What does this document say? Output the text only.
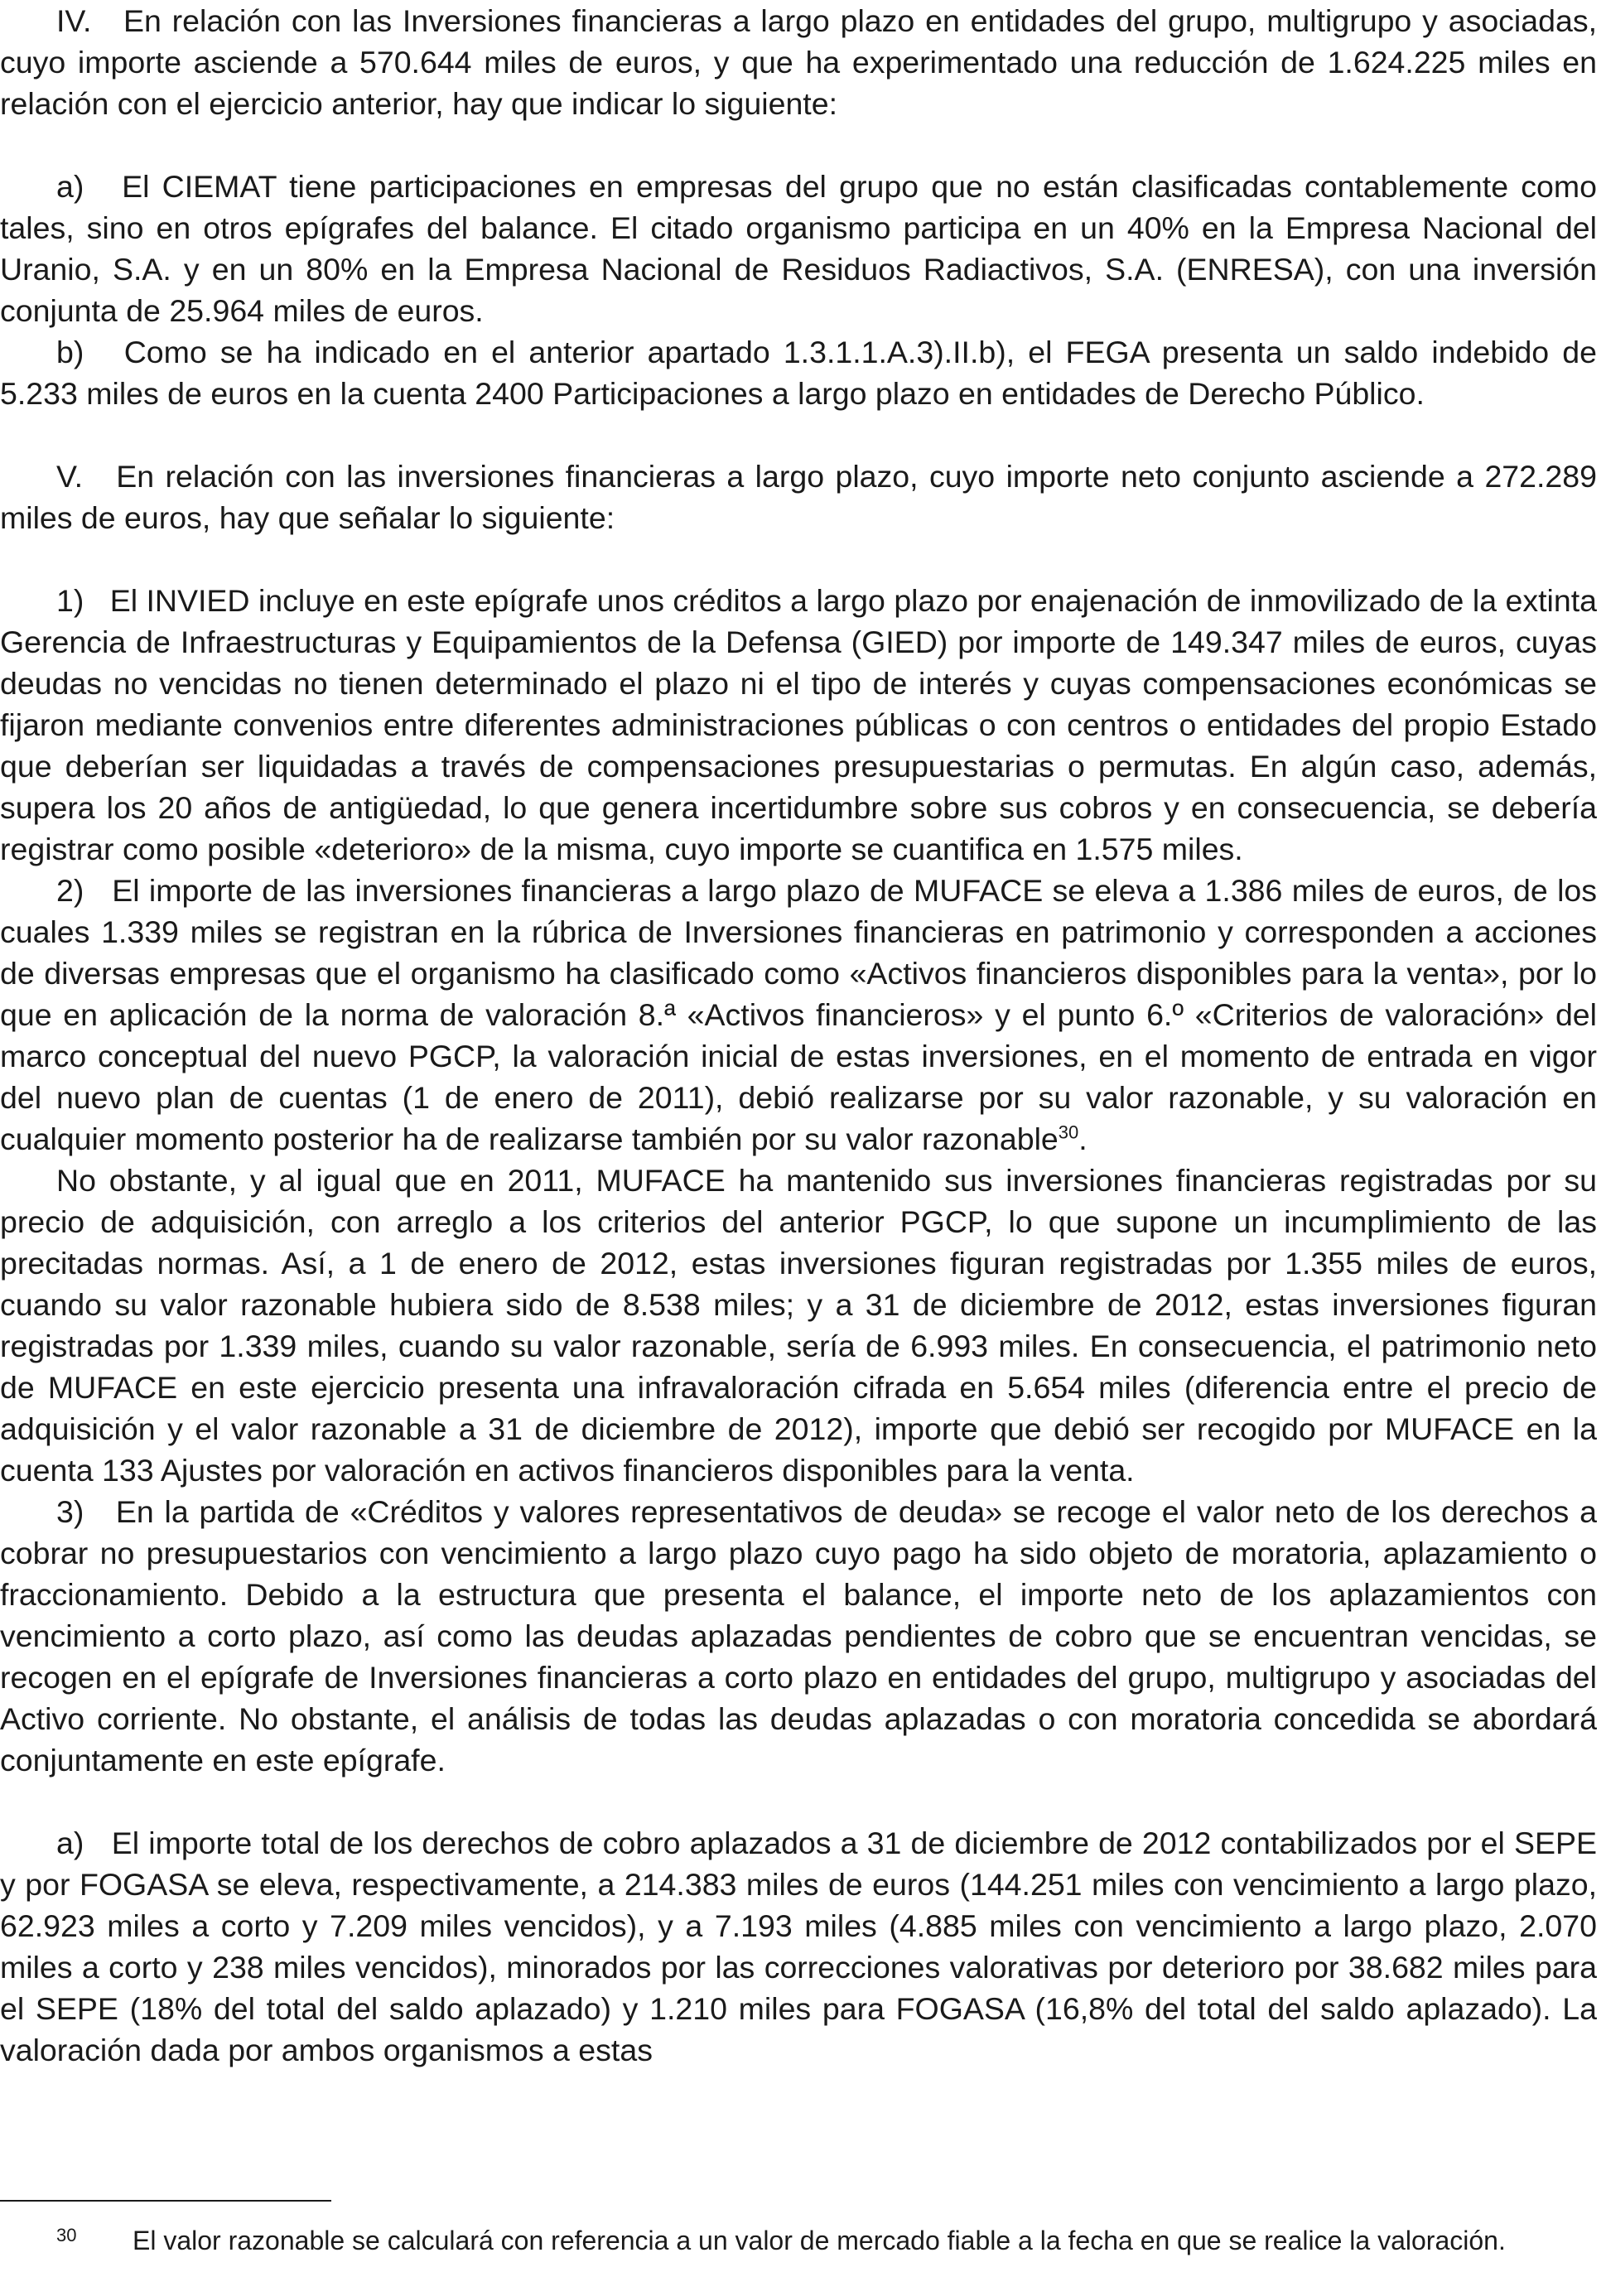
IV. En relación con las Inversiones financieras a largo plazo en entidades del grupo, multigrupo y asociadas, cuyo importe asciende a 570.644 miles de euros, y que ha experimentado una reducción de 1.624.225 miles en relación con el ejercicio anterior, hay que indicar lo siguiente:

a) El CIEMAT tiene participaciones en empresas del grupo que no están clasificadas contablemente como tales, sino en otros epígrafes del balance. El citado organismo participa en un 40% en la Empresa Nacional del Uranio, S.A. y en un 80% en la Empresa Nacional de Residuos Radiactivos, S.A. (ENRESA), con una inversión conjunta de 25.964 miles de euros.

b) Como se ha indicado en el anterior apartado 1.3.1.1.A.3).II.b), el FEGA presenta un saldo indebido de 5.233 miles de euros en la cuenta 2400 Participaciones a largo plazo en entidades de Derecho Público.

V. En relación con las inversiones financieras a largo plazo, cuyo importe neto conjunto asciende a 272.289 miles de euros, hay que señalar lo siguiente:

1) El INVIED incluye en este epígrafe unos créditos a largo plazo por enajenación de inmovilizado de la extinta Gerencia de Infraestructuras y Equipamientos de la Defensa (GIED) por importe de 149.347 miles de euros, cuyas deudas no vencidas no tienen determinado el plazo ni el tipo de interés y cuyas compensaciones económicas se fijaron mediante convenios entre diferentes administraciones públicas o con centros o entidades del propio Estado que deberían ser liquidadas a través de compensaciones presupuestarias o permutas. En algún caso, además, supera los 20 años de antigüedad, lo que genera incertidumbre sobre sus cobros y en consecuencia, se debería registrar como posible «deterioro» de la misma, cuyo importe se cuantifica en 1.575 miles.

2) El importe de las inversiones financieras a largo plazo de MUFACE se eleva a 1.386 miles de euros, de los cuales 1.339 miles se registran en la rúbrica de Inversiones financieras en patrimonio y corresponden a acciones de diversas empresas que el organismo ha clasificado como «Activos financieros disponibles para la venta», por lo que en aplicación de la norma de valoración 8.ª «Activos financieros» y el punto 6.º «Criterios de valoración» del marco conceptual del nuevo PGCP, la valoración inicial de estas inversiones, en el momento de entrada en vigor del nuevo plan de cuentas (1 de enero de 2011), debió realizarse por su valor razonable, y su valoración en cualquier momento posterior ha de realizarse también por su valor razonable$^{30}$.

No obstante, y al igual que en 2011, MUFACE ha mantenido sus inversiones financieras registradas por su precio de adquisición, con arreglo a los criterios del anterior PGCP, lo que supone un incumplimiento de las precitadas normas. Así, a 1 de enero de 2012, estas inversiones figuran registradas por 1.355 miles de euros, cuando su valor razonable hubiera sido de 8.538 miles; y a 31 de diciembre de 2012, estas inversiones figuran registradas por 1.339 miles, cuando su valor razonable, sería de 6.993 miles. En consecuencia, el patrimonio neto de MUFACE en este ejercicio presenta una infravaloración cifrada en 5.654 miles (diferencia entre el precio de adquisición y el valor razonable a 31 de diciembre de 2012), importe que debió ser recogido por MUFACE en la cuenta 133 Ajustes por valoración en activos financieros disponibles para la venta.

3) En la partida de «Créditos y valores representativos de deuda» se recoge el valor neto de los derechos a cobrar no presupuestarios con vencimiento a largo plazo cuyo pago ha sido objeto de moratoria, aplazamiento o fraccionamiento. Debido a la estructura que presenta el balance, el importe neto de los aplazamientos con vencimiento a corto plazo, así como las deudas aplazadas pendientes de cobro que se encuentran vencidas, se recogen en el epígrafe de Inversiones financieras a corto plazo en entidades del grupo, multigrupo y asociadas del Activo corriente. No obstante, el análisis de todas las deudas aplazadas o con moratoria concedida se abordará conjuntamente en este epígrafe.

a) El importe total de los derechos de cobro aplazados a 31 de diciembre de 2012 contabilizados por el SEPE y por FOGASA se eleva, respectivamente, a 214.383 miles de euros (144.251 miles con vencimiento a largo plazo, 62.923 miles a corto y 7.209 miles vencidos), y a 7.193 miles (4.885 miles con vencimiento a largo plazo, 2.070 miles a corto y 238 miles vencidos), minorados por las correcciones valorativas por deterioro por 38.682 miles para el SEPE (18% del total del saldo aplazado) y 1.210 miles para FOGASA (16,8% del total del saldo aplazado). La valoración dada por ambos organismos a estas

30 El valor razonable se calculará con referencia a un valor de mercado fiable a la fecha en que se realice la valoración.
